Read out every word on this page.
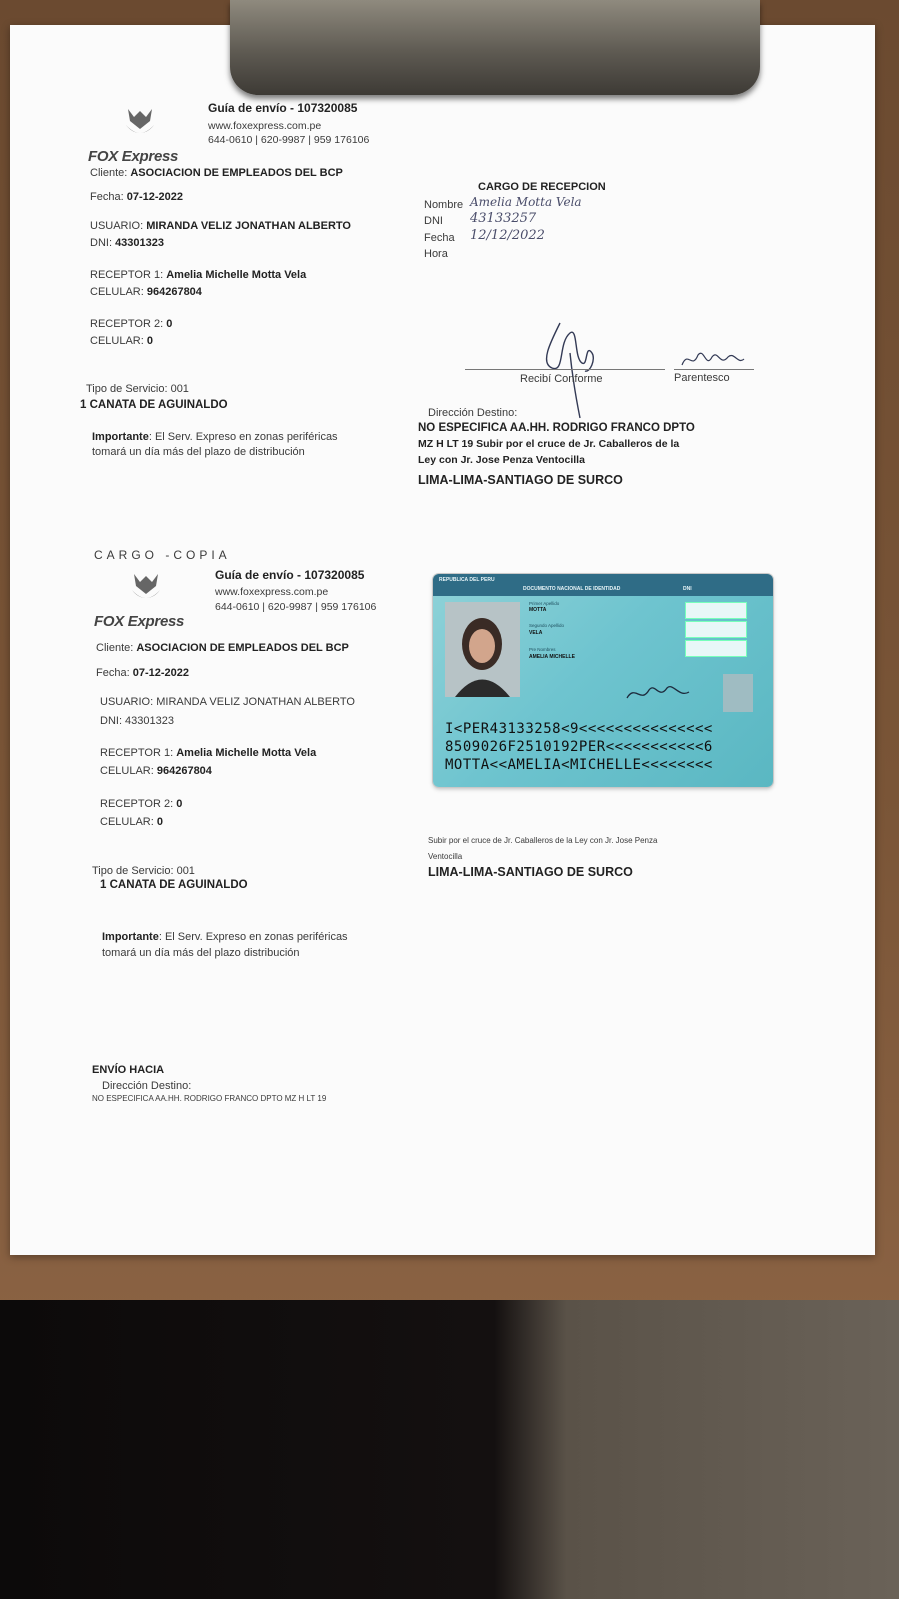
FOX Express
Guía de envío - 107320085
www.foxexpress.com.pe
644-0610 | 620-9987 | 959 176106
Cliente: ASOCIACION DE EMPLEADOS DEL BCP
Fecha: 07-12-2022
USUARIO: MIRANDA VELIZ JONATHAN ALBERTO
DNI: 43301323
RECEPTOR 1: Amelia Michelle Motta Vela
CELULAR: 964267804
RECEPTOR 2: 0
CELULAR: 0
Tipo de Servicio: 001
1 CANATA DE AGUINALDO
Importante: El Serv. Expreso en zonas periféricas
tomará un día más del plazo de distribución
CARGO DE RECEPCION
Nombre Amelia Motta Vela
DNI 43133257
Fecha 12/12/2022
Hora
Recibí Conforme	Parentesco
Dirección Destino:
NO ESPECIFICA AA.HH. RODRIGO FRANCO DPTO
MZ H LT 19 Subir por el cruce de Jr. Caballeros de la
Ley con Jr. Jose Penza Ventocilla
LIMA-LIMA-SANTIAGO DE SURCO
CARGO -COPIA
FOX Express
Guía de envío - 107320085
www.foxexpress.com.pe
644-0610 | 620-9987 | 959 176106
Cliente: ASOCIACION DE EMPLEADOS DEL BCP
Fecha: 07-12-2022
USUARIO: MIRANDA VELIZ JONATHAN ALBERTO
DNI: 43301323
RECEPTOR 1: Amelia Michelle Motta Vela
CELULAR: 964267804
RECEPTOR 2: 0
CELULAR: 0
Tipo de Servicio: 001
1 CANATA DE AGUINALDO
Importante: El Serv. Expreso en zonas periféricas
tomará un día más del plazo distribución
Subir por el cruce de Jr. Caballeros de la Ley con Jr. Jose Penza
Ventocilla
LIMA-LIMA-SANTIAGO DE SURCO
ENVÍO HACIA
Dirección Destino:
NO ESPECIFICA AA.HH. RODRIGO FRANCO DPTO MZ H LT 19
REPUBLICA DEL PERU
DOCUMENTO NACIONAL DE IDENTIDAD	DNI
Primer Apellido
MOTTA
Segundo Apellido
VELA
Pre Nombres
AMELIA MICHELLE
I<PER43133258<9<<<<<<<<<<<<<<<
8509026F2510192PER<<<<<<<<<<<6
MOTTA<<AMELIA<MICHELLE<<<<<<<<
